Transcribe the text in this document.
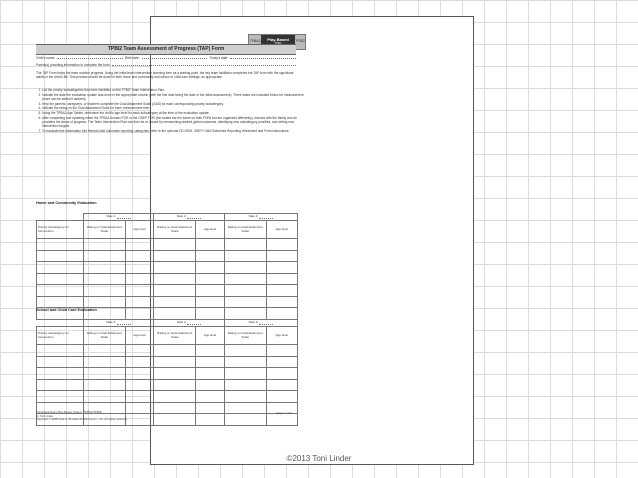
TPBA2 Play-Based TPBI2
TPBI2 Team Assessment of Progress (TAP) Form
Child's name:	Birth date:	Today's date:
Parent(s) providing information to complete the form:
The TAP Form helps the team monitor progress. Using the initial team intervention planning form as a starting point, the key team facilitator completes the TAP form with the significant adults in the child's life. This process should be done for both home and community and school or child care settings, as appropriate.
1. List the priority subcategories that were identified on the TPBI2 Team Intervention Plan.
2. Indicate the date the evaluation update was done in the appropriate column (with the first date being the date of the initial assessment). Three dates are indicated below for measurement (more can be added if desired).
3. Help the parents, caregivers, or teachers complete the Goal Attainment Scale (GAS) for each corresponding priority subcategory.
4. Indicate the rating on the Goal Attainment Scale for each measurement time.
5. Using the TPBA2 Age Tables, determine the child's age level for each subcategory at the time of the evaluation update.
6. After completing and updating either the TPBA2 domain FOR or the OSEP FOR (the scales are the same on both FORs but are organized differently), discuss with the family and all providers the areas of progress. The Team Intervention Plan can then be re-issued by reexamining desired global outcomes, identifying new subcategory priorities, and writing new intervention targets.
7. To translate this information into federal child outcomes reporting categories, refer to the optional CD-ROM, OSEP Child Outcomes Reporting Worksheet and Form instructions.
Home and Community Evaluation

	Date 1:		Date 2:		Date 3:	

Priority subcategory for intervention	Rating on Goal Attainment Scale	Age level	Rating on Goal Attainment Scale	Age level	Rating on Goal Attainment Scale	Age level

School and Child Care Evaluation

	Date 1:		Date 2:		Date 3:	

Priority subcategory for intervention	Rating on Goal Attainment Scale	Age level	Rating on Goal Attainment Scale	Age level	Rating on Goal Attainment Scale	Age level

Transdisciplinary Play-Based System (TPBS2/TPBI2)
by Toni Linder
Copyright © 2008 Paul H. Brookes Publishing Co., Inc. All rights reserved.
(page 1 of 1)
©2013 Toni Linder
